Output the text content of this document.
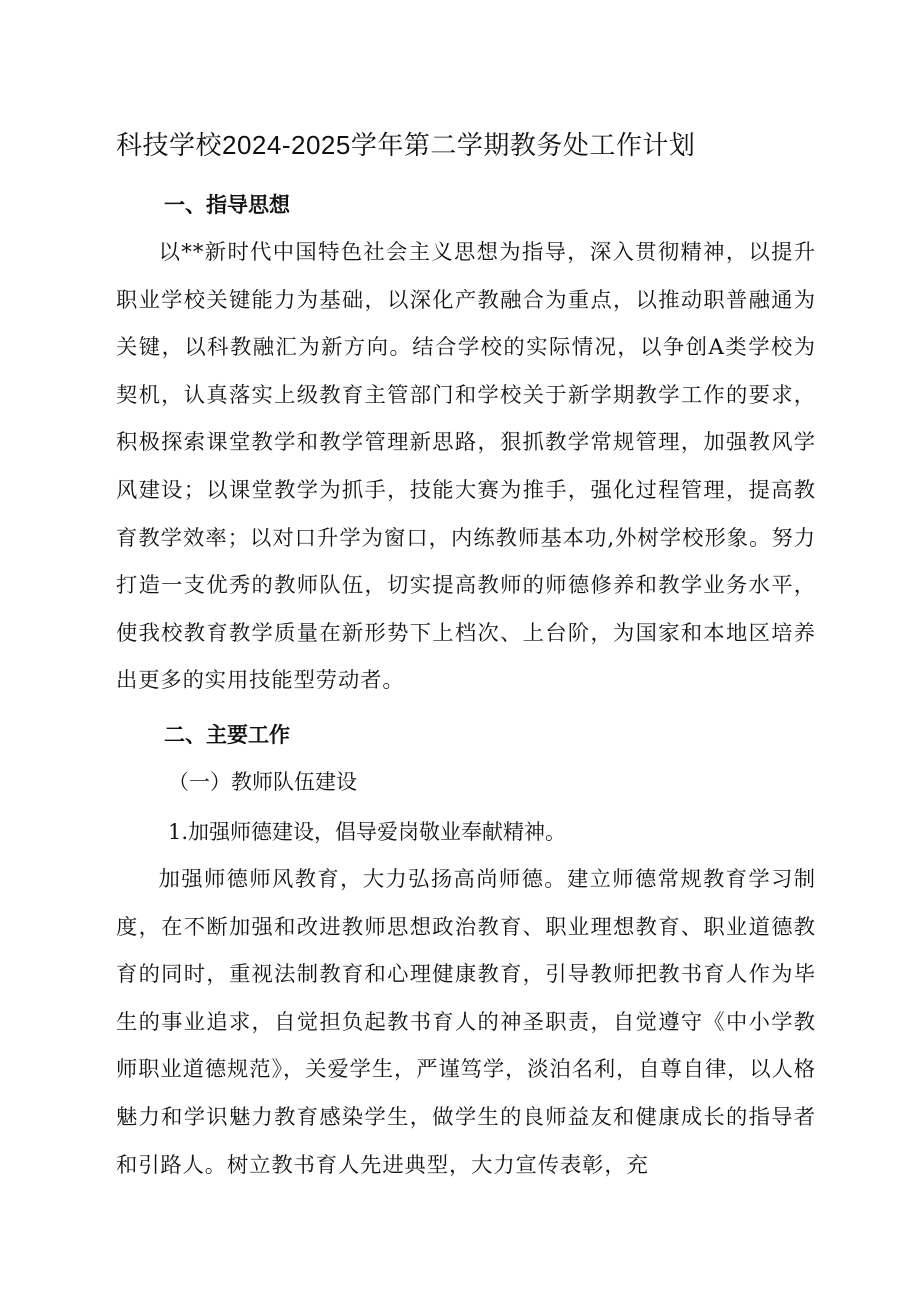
科技学校2024-2025学年第二学期教务处工作计划
一、指导思想

以**新时代中国特色社会主义思想为指导，深入贯彻精神，以提升职业学校关键能力为基础，以深化产教融合为重点，以推动职普融通为关键，以科教融汇为新方向。结合学校的实际情况，以争创A类学校为契机，认真落实上级教育主管部门和学校关于新学期教学工作的要求，积极探索课堂教学和教学管理新思路，狠抓教学常规管理，加强教风学风建设；以课堂教学为抓手，技能大赛为推手，强化过程管理，提高教育教学效率；以对口升学为窗口，内练教师基本功,外树学校形象。努力打造一支优秀的教师队伍，切实提高教师的师德修养和教学业务水平，使我校教育教学质量在新形势下上档次、上台阶，为国家和本地区培养出更多的实用技能型劳动者。

二、主要工作

（一）教师队伍建设

1.加强师德建设，倡导爱岗敬业奉献精神。

加强师德师风教育，大力弘扬高尚师德。建立师德常规教育学习制度，在不断加强和改进教师思想政治教育、职业理想教育、职业道德教育的同时，重视法制教育和心理健康教育，引导教师把教书育人作为毕生的事业追求，自觉担负起教书育人的神圣职责，自觉遵守《中小学教师职业道德规范》，关爱学生，严谨笃学，淡泊名利，自尊自律，以人格魅力和学识魅力教育感染学生，做学生的良师益友和健康成长的指导者和引路人。树立教书育人先进典型，大力宣传表彰，充
